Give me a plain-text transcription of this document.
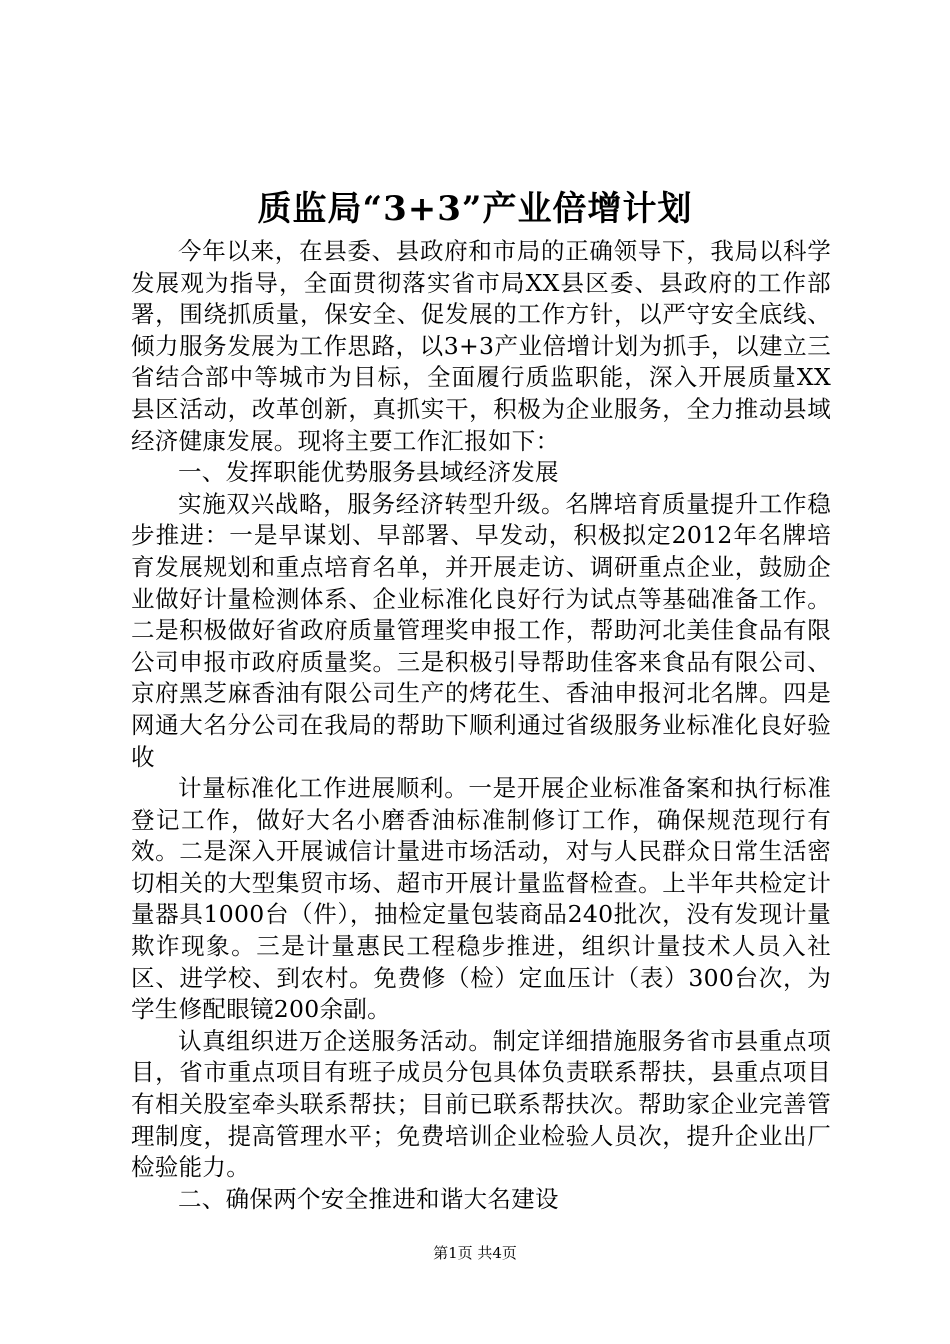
质监局“3+3”产业倍增计划

今年以来，在县委、县政府和市局的正确领导下，我局以科学发展观为指导，全面贯彻落实省市局XX县区委、县政府的工作部署，围绕抓质量，保安全、促发展的工作方针，以严守安全底线、倾力服务发展为工作思路，以3+3产业倍增计划为抓手，以建立三省结合部中等城市为目标，全面履行质监职能，深入开展质量XX县区活动，改革创新，真抓实干，积极为企业服务，全力推动县域经济健康发展。现将主要工作汇报如下：

一、发挥职能优势服务县域经济发展

实施双兴战略，服务经济转型升级。名牌培育质量提升工作稳步推进：一是早谋划、早部署、早发动，积极拟定2012年名牌培育发展规划和重点培育名单，并开展走访、调研重点企业，鼓励企业做好计量检测体系、企业标准化良好行为试点等基础准备工作。二是积极做好省政府质量管理奖申报工作，帮助河北美佳食品有限公司申报市政府质量奖。三是积极引导帮助佳客来食品有限公司、京府黑芝麻香油有限公司生产的烤花生、香油申报河北名牌。四是网通大名分公司在我局的帮助下顺利通过省级服务业标准化良好验收

计量标准化工作进展顺利。一是开展企业标准备案和执行标准登记工作，做好大名小磨香油标准制修订工作，确保规范现行有效。二是深入开展诚信计量进市场活动，对与人民群众日常生活密切相关的大型集贸市场、超市开展计量监督检查。上半年共检定计量器具1000台（件），抽检定量包装商品240批次，没有发现计量欺诈现象。三是计量惠民工程稳步推进，组织计量技术人员入社区、进学校、到农村。免费修（检）定血压计（表）300台次，为学生修配眼镜200余副。

认真组织进万企送服务活动。制定详细措施服务省市县重点项目，省市重点项目有班子成员分包具体负责联系帮扶，县重点项目有相关股室牵头联系帮扶；目前已联系帮扶次。帮助家企业完善管理制度，提高管理水平；免费培训企业检验人员次，提升企业出厂检验能力。

二、确保两个安全推进和谐大名建设

第1页 共4页
